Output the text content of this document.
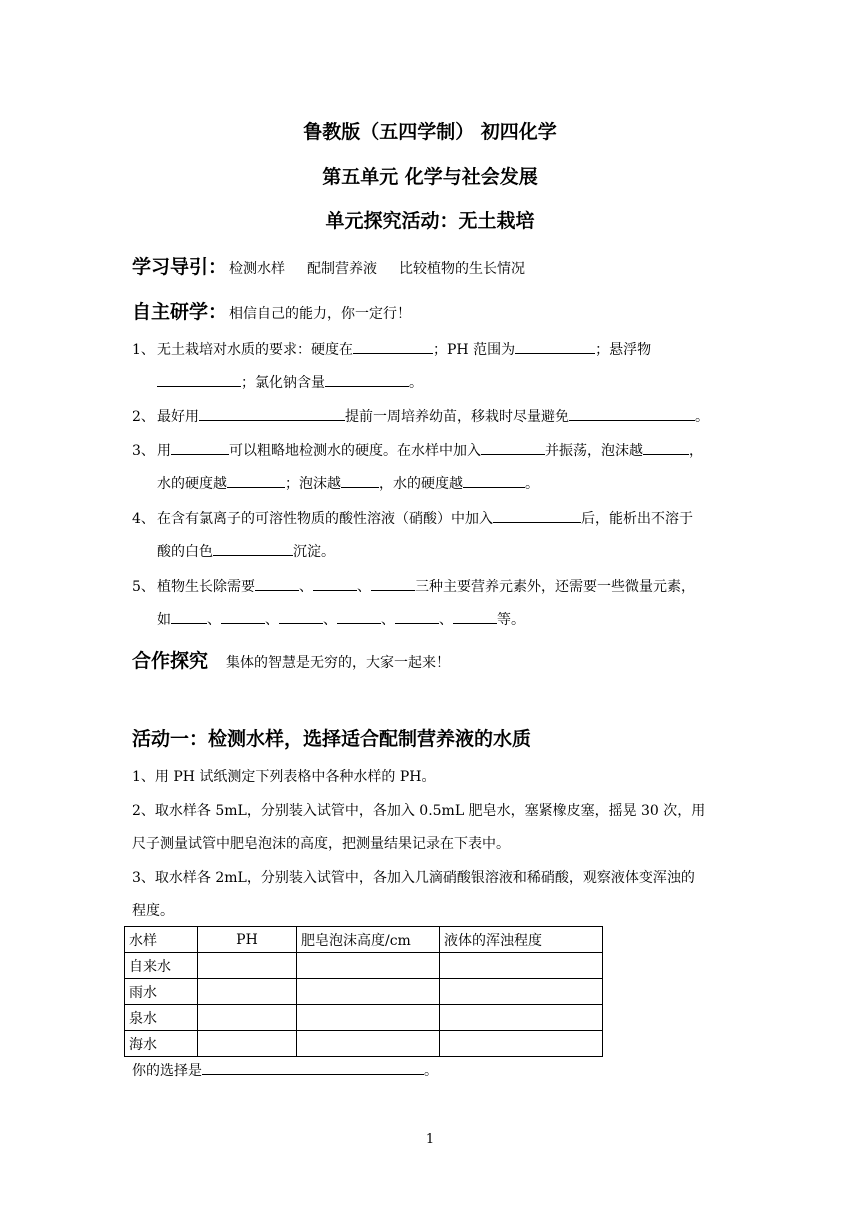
鲁教版（五四学制） 初四化学
第五单元 化学与社会发展
单元探究活动：无土栽培
学习导引： 检测水样 配制营养液 比较植物的生长情况
自主研学： 相信自己的能力，你一定行！
1、 无土栽培对水质的要求：硬度在	；PH 范围为	；悬浮物
；氯化钠含量	。
2、 最好用	提前一周培养幼苗，移栽时尽量避免	。
3、 用	可以粗略地检测水的硬度。在水样中加入	并振荡，泡沫越	，
水的硬度越	；泡沫越	，水的硬度越	。
4、 在含有氯离子的可溶性物质的酸性溶液（硝酸）中加入	后，能析出不溶于
酸的白色	沉淀。
5、 植物生长除需要	、	、	三种主要营养元素外，还需要一些微量元素，
如	、	、	、	、	、	等。
合作探究 集体的智慧是无穷的，大家一起来！
活动一：检测水样，选择适合配制营养液的水质
1、用 PH 试纸测定下列表格中各种水样的 PH。
2、取水样各 5mL，分别装入试管中，各加入 0.5mL 肥皂水，塞紧橡皮塞，摇晃 30 次，用
尺子测量试管中肥皂泡沫的高度，把测量结果记录在下表中。
3、取水样各 2mL，分别装入试管中，各加入几滴硝酸银溶液和稀硝酸，观察液体变浑浊的
程度。
水样	PH	肥皂泡沫高度/cm	液体的浑浊程度
自来水			
雨水			
泉水			
海水			
你的选择是	。
1
